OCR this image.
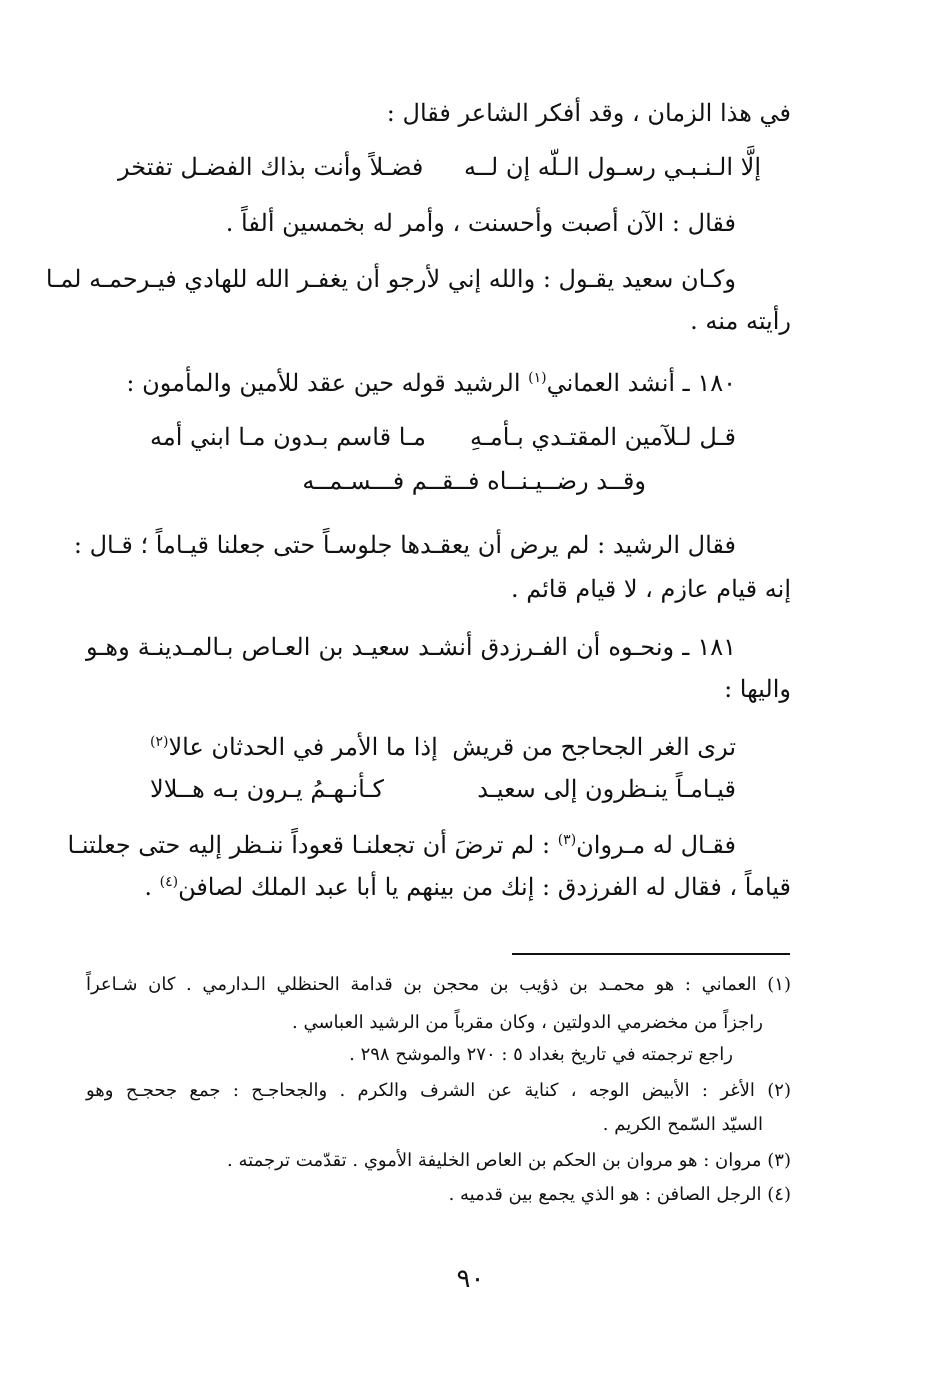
في هذا الزمان ، وقد أفكر الشاعر فقال :
إلَّا الـنـبـي رسـول الـلّه إن لــه
فضـلاً وأنت بذاك الفضـل تفتخر
فقال : الآن أصبت وأحسنت ، وأمر له بخمسين ألفاً .
وكـان سعيد يقـول : والله إني لأرجو أن يغفـر الله للهادي فيـرحمـه لمـا
رأيته منه .
١٨٠ ـ أنشد العماني$^{(١)}$ الرشيد قوله حين عقد للأمين والمأمون :
قـل لـلآمين المقتـدي بـأمـهِ
مـا قاسم بـدون مـا ابني أمه
وقــد رضــيـنــاه فــقــم فـــسـمــه
فقال الرشيد : لم يرض أن يعقـدها جلوسـاً حتى جعلنا قيـاماً ؛ قـال :
إنه قيام عازم ، لا قيام قائم .
١٨١ ـ ونحـوه أن الفـرزدق أنشـد سعيـد بن العـاص بـالمـدينـة وهـو
واليها :
ترى الغر الجحاجح من قريش
إذا ما الأمر في الحدثان عالا$^{(٢)}$
قيـامـاً ينـظرون إلى سعيـد
كـأنـهـمُ يـرون بـه هــلالا
فقـال له مـروان$^{(٣)}$ : لم ترضَ أن تجعلنـا قعوداً ننـظر إليه حتى جعلتنـا
قياماً ، فقال له الفرزدق : إنك من بينهم يا أبا عبد الملك لصافن$^{(٤)}$ .
(١) العماني : هو محمـد بن ذؤيب بن محجن بن قدامة الحنظلي الـدارمي . كان شـاعراً
راجزاً من مخضرمي الدولتين ، وكان مقرباً من الرشيد العباسي .
راجع ترجمته في تاريخ بغداد ٥ : ٢٧٠ والموشح ٢٩٨ .
(٢) الأغر : الأبيض الوجه ، كناية عن الشرف والكرم . والجحاجـح : جمع جحجـح وهو
السيّد السّمح الكريم .
(٣) مروان : هو مروان بن الحكم بن العاص الخليفة الأموي . تقدّمت ترجمته .
(٤) الرجل الصافن : هو الذي يجمع بين قدميه .
٩٠
